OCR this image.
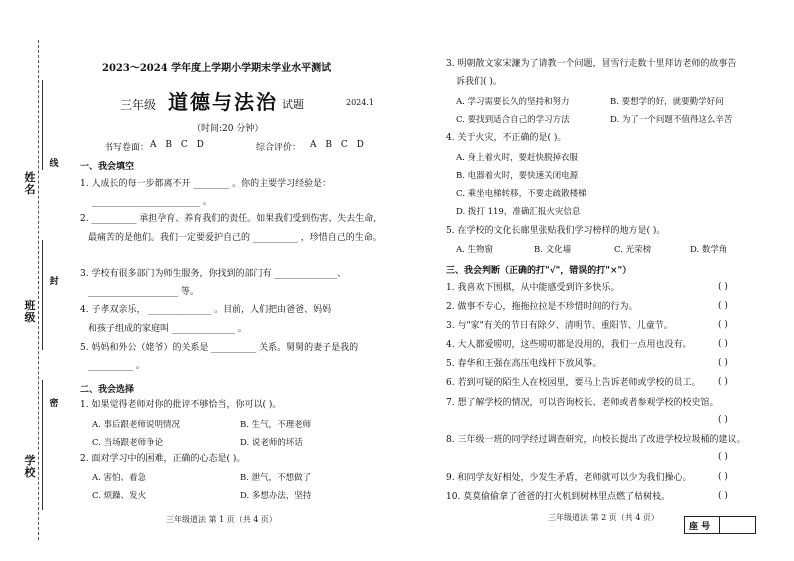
姓名
班级
学校
线
封
密
2023～2024 学年度上学期小学期末学业水平测试
三年级 道德与法治 试题	2024.1
（时间:20 分钟）
书写卷面： A B C D	综合评价： A B C D
一、我会填空
1. 人成长的每一步都离不开 ________ 。你的主要学习经验是：
________________________ 。
2. __________ 承担孕育、养育我们的责任。如果我们受到伤害、失去生命,
最痛苦的是他们。我们一定要爱护自己的 __________ ，珍惜自己的生命。
3. 学校有很多部门为师生服务，你找到的部门有 ______________、
____________________ 等。
4. 子孝双亲乐， ______________ 。目前，人们把由爸爸、妈妈
和孩子组成的家庭叫 ______________ 。
5. 妈妈和外公（姥爷）的关系是 __________ 关系。舅舅的妻子是我的
__________ 。
二、我会选择
1. 如果觉得老师对你的批评不够恰当，你可以( )。
A. 事后跟老师说明情况	B. 生气，不理老师
C. 当场跟老师争论	D. 说老师的坏话
2. 面对学习中的困难，正确的心态是( )。
A. 害怕、着急	B. 泄气，不想做了
C. 烦躁、发火	D. 多想办法，坚持
三年级道法 第 1 页（共 4 页）
3. 明朝散文家宋濂为了请教一个问题，冒雪行走数十里拜访老师的故事告
诉我们( )。
A. 学习需要长久的坚持和努力	B. 要想学的好，就要勤学好问
C. 要找到适合自己的学习方法	D. 为了一个问题不值得这么辛苦
4. 关于火灾，不正确的是( )。
A. 身上着火时，要赶快脱掉衣服
B. 电器着火时，要快速关闭电源
C. 乘坐电梯转移，不要走疏散楼梯
D. 拨打 119，准确汇报火灾信息
5. 在学校的文化长廊里张贴我们学习榜样的地方是( )。
A. 生物窗	B. 文化墙	C. 光荣榜	D. 数学角
三、我会判断（正确的打"√"，错误的打"×"）
1. 我喜欢下围棋，从中能感受到许多快乐。	( )
2. 做事不专心，拖拖拉拉是不珍惜时间的行为。	( )
3. 与"家"有关的节日有除夕、清明节、重阳节、儿童节。	( )
4. 大人都爱唠叨，这些唠叨都是没用的，我们一点用也没有。	( )
5. 春华和王强在高压电线杆下放风筝。	( )
6. 若到可疑的陌生人在校园里，要马上告诉老师或学校的员工。 ( )
7. 想了解学校的情况，可以咨询校长、老师或者参观学校的校史馆。
( )
8. 三年级一班的同学经过调查研究，向校长提出了改进学校垃圾桶的建议。
( )
9. 和同学友好相处，少发生矛盾，老师就可以少为我们操心。	( )
10. 莫莫偷偷拿了爸爸的打火机到树林里点燃了枯树枝。	( )
三年级道法 第 2 页（共 4 页）
座 号
